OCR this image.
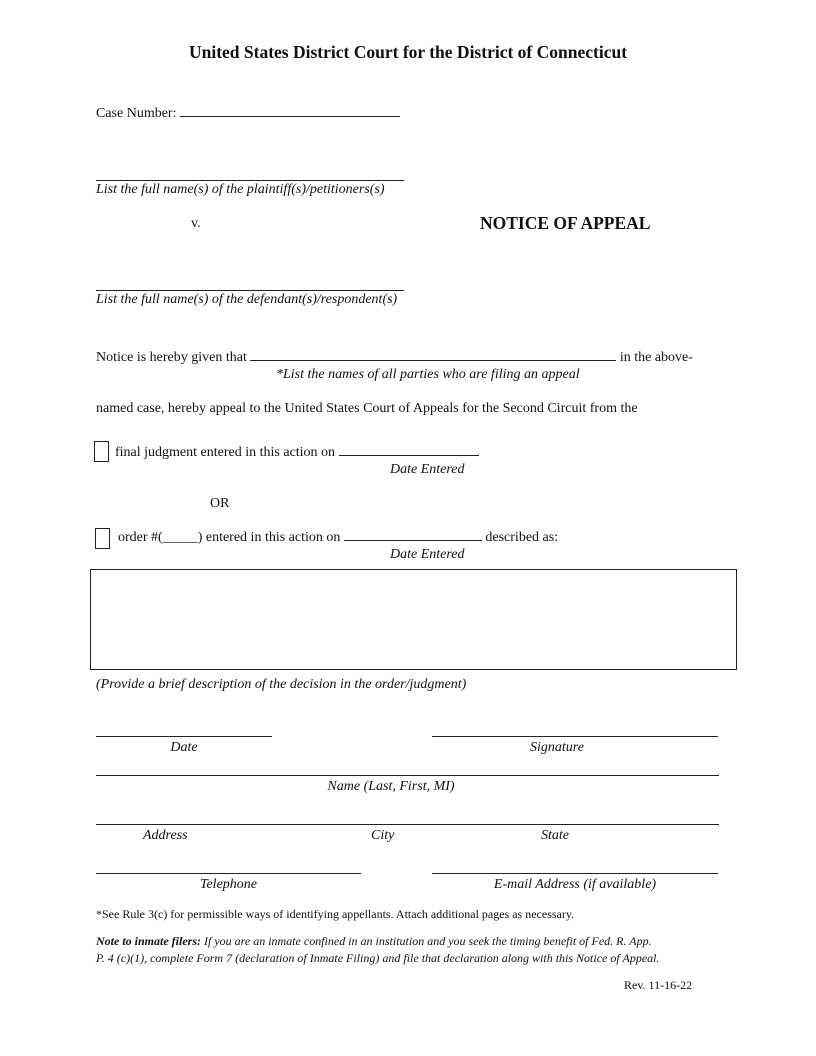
United States District Court for the District of Connecticut
Case Number:
List the full name(s) of the plaintiff(s)/petitioners(s)
v.	NOTICE OF APPEAL
List the full name(s) of the defendant(s)/respondent(s)
Notice is hereby given that	in the above-
*List the names of all parties who are filing an appeal
named case, hereby appeal to the United States Court of Appeals for the Second Circuit from the
final judgment entered in this action on
Date Entered
OR
order #(_____) entered in this action on	described as:
Date Entered
(Provide a brief description of the decision in the order/judgment)
Date	Signature
Name (Last, First, MI)
Address	City	State
Telephone	E-mail Address (if available)
*See Rule 3(c) for permissible ways of identifying appellants. Attach additional pages as necessary.
Note to inmate filers: If you are an inmate confined in an institution and you seek the timing benefit of Fed. R. App.
P. 4 (c)(1), complete Form 7 (declaration of Inmate Filing) and file that declaration along with this Notice of Appeal.
Rev. 11-16-22
